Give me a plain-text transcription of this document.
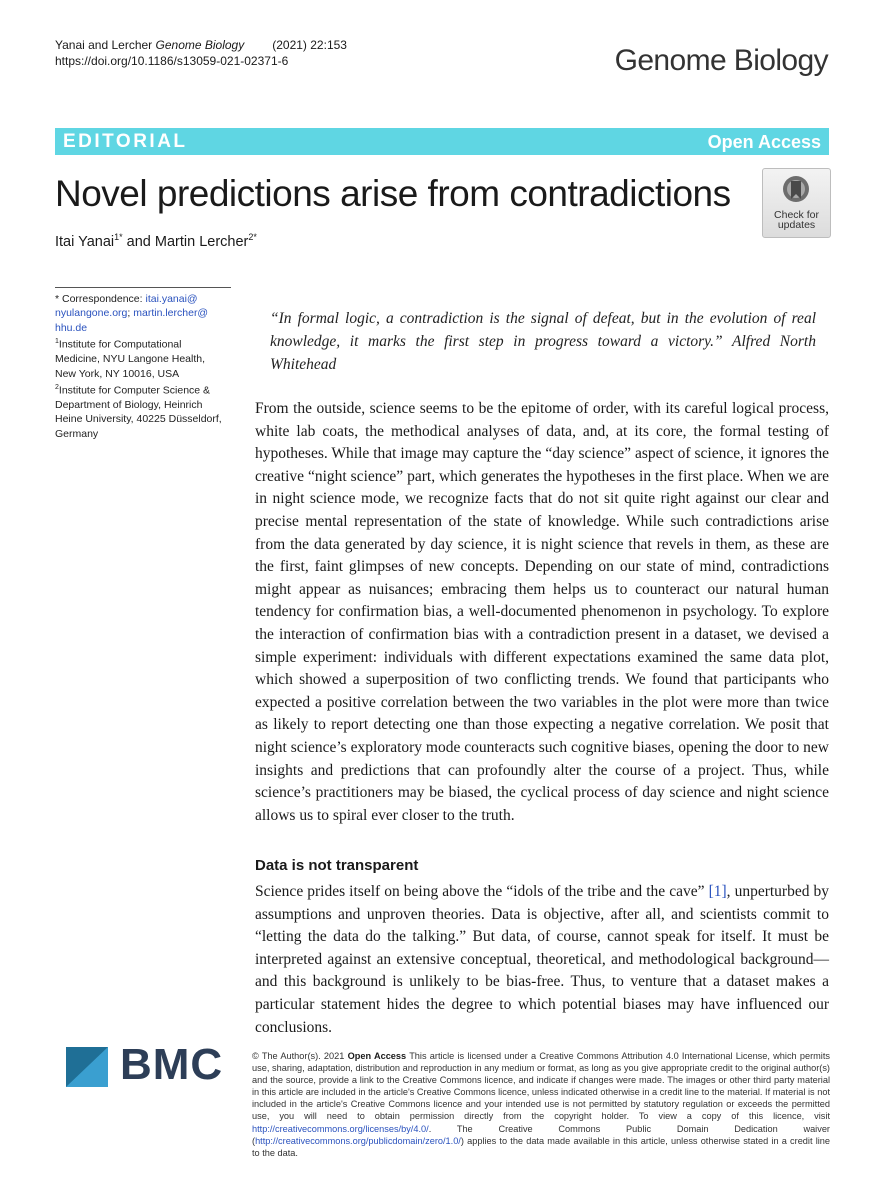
Yanai and Lercher Genome Biology (2021) 22:153
https://doi.org/10.1186/s13059-021-02371-6	Genome Biology
EDITORIAL	Open Access
Novel predictions arise from contradictions
Itai Yanai$^{1*}$ and Martin Lercher$^{2*}$
Check for
updates

* Correspondence: itai.yanai@
nyulangone.org; martin.lercher@
hhu.de

$^1$Institute for Computational
Medicine, NYU Langone Health,
New York, NY 10016, USA

$^2$Institute for Computer Science &
Department of Biology, Heinrich
Heine University, 40225 Düsseldorf,
Germany

“In formal logic, a contradiction is the signal of defeat, but in the evolution of real knowledge, it marks the first step in progress toward a victory.” Alfred North Whitehead
From the outside, science seems to be the epitome of order, with its careful logical process, white lab coats, the methodical analyses of data, and, at its core, the formal testing of hypotheses. While that image may capture the “day science” aspect of science, it ignores the creative “night science” part, which generates the hypotheses in the first place. When we are in night science mode, we recognize facts that do not sit quite right against our clear and precise mental representation of the state of knowledge. While such contradictions arise from the data generated by day science, it is night science that revels in them, as these are the first, faint glimpses of new concepts. Depending on our state of mind, contradictions might appear as nuisances; embracing them helps us to counteract our natural human tendency for confirmation bias, a well-documented phenomenon in psychology. To explore the interaction of confirmation bias with a contradiction present in a dataset, we devised a simple experiment: individuals with different expectations examined the same data plot, which showed a superposition of two conflicting trends. We found that participants who expected a positive correlation between the two variables in the plot were more than twice as likely to report detecting one than those expecting a negative correlation. We posit that night science’s exploratory mode counteracts such cognitive biases, opening the door to new insights and predictions that can profoundly alter the course of a project. Thus, while science’s practitioners may be biased, the cyclical process of day science and night science allows us to spiral ever closer to the truth.
Data is not transparent
Science prides itself on being above the “idols of the tribe and the cave” [1], unperturbed by assumptions and unproven theories. Data is objective, after all, and scientists commit to “letting the data do the talking.” But data, of course, cannot speak for itself. It must be interpreted against an extensive conceptual, theoretical, and methodological background—and this background is unlikely to be bias-free. Thus, to venture that a dataset makes a particular statement hides the degree to which potential biases may have influenced our conclusions.
BMC	© The Author(s). 2021 Open Access This article is licensed under a Creative Commons Attribution 4.0 International License, which permits use, sharing, adaptation, distribution and reproduction in any medium or format, as long as you give appropriate credit to the original author(s) and the source, provide a link to the Creative Commons licence, and indicate if changes were made. The images or other third party material in this article are included in the article's Creative Commons licence, unless indicated otherwise in a credit line to the material. If material is not included in the article's Creative Commons licence and your intended use is not permitted by statutory regulation or exceeds the permitted use, you will need to obtain permission directly from the copyright holder. To view a copy of this licence, visit http://creativecommons.org/licenses/by/4.0/. The Creative Commons Public Domain Dedication waiver (http://creativecommons.org/publicdomain/zero/1.0/) applies to the data made available in this article, unless otherwise stated in a credit line to the data.
